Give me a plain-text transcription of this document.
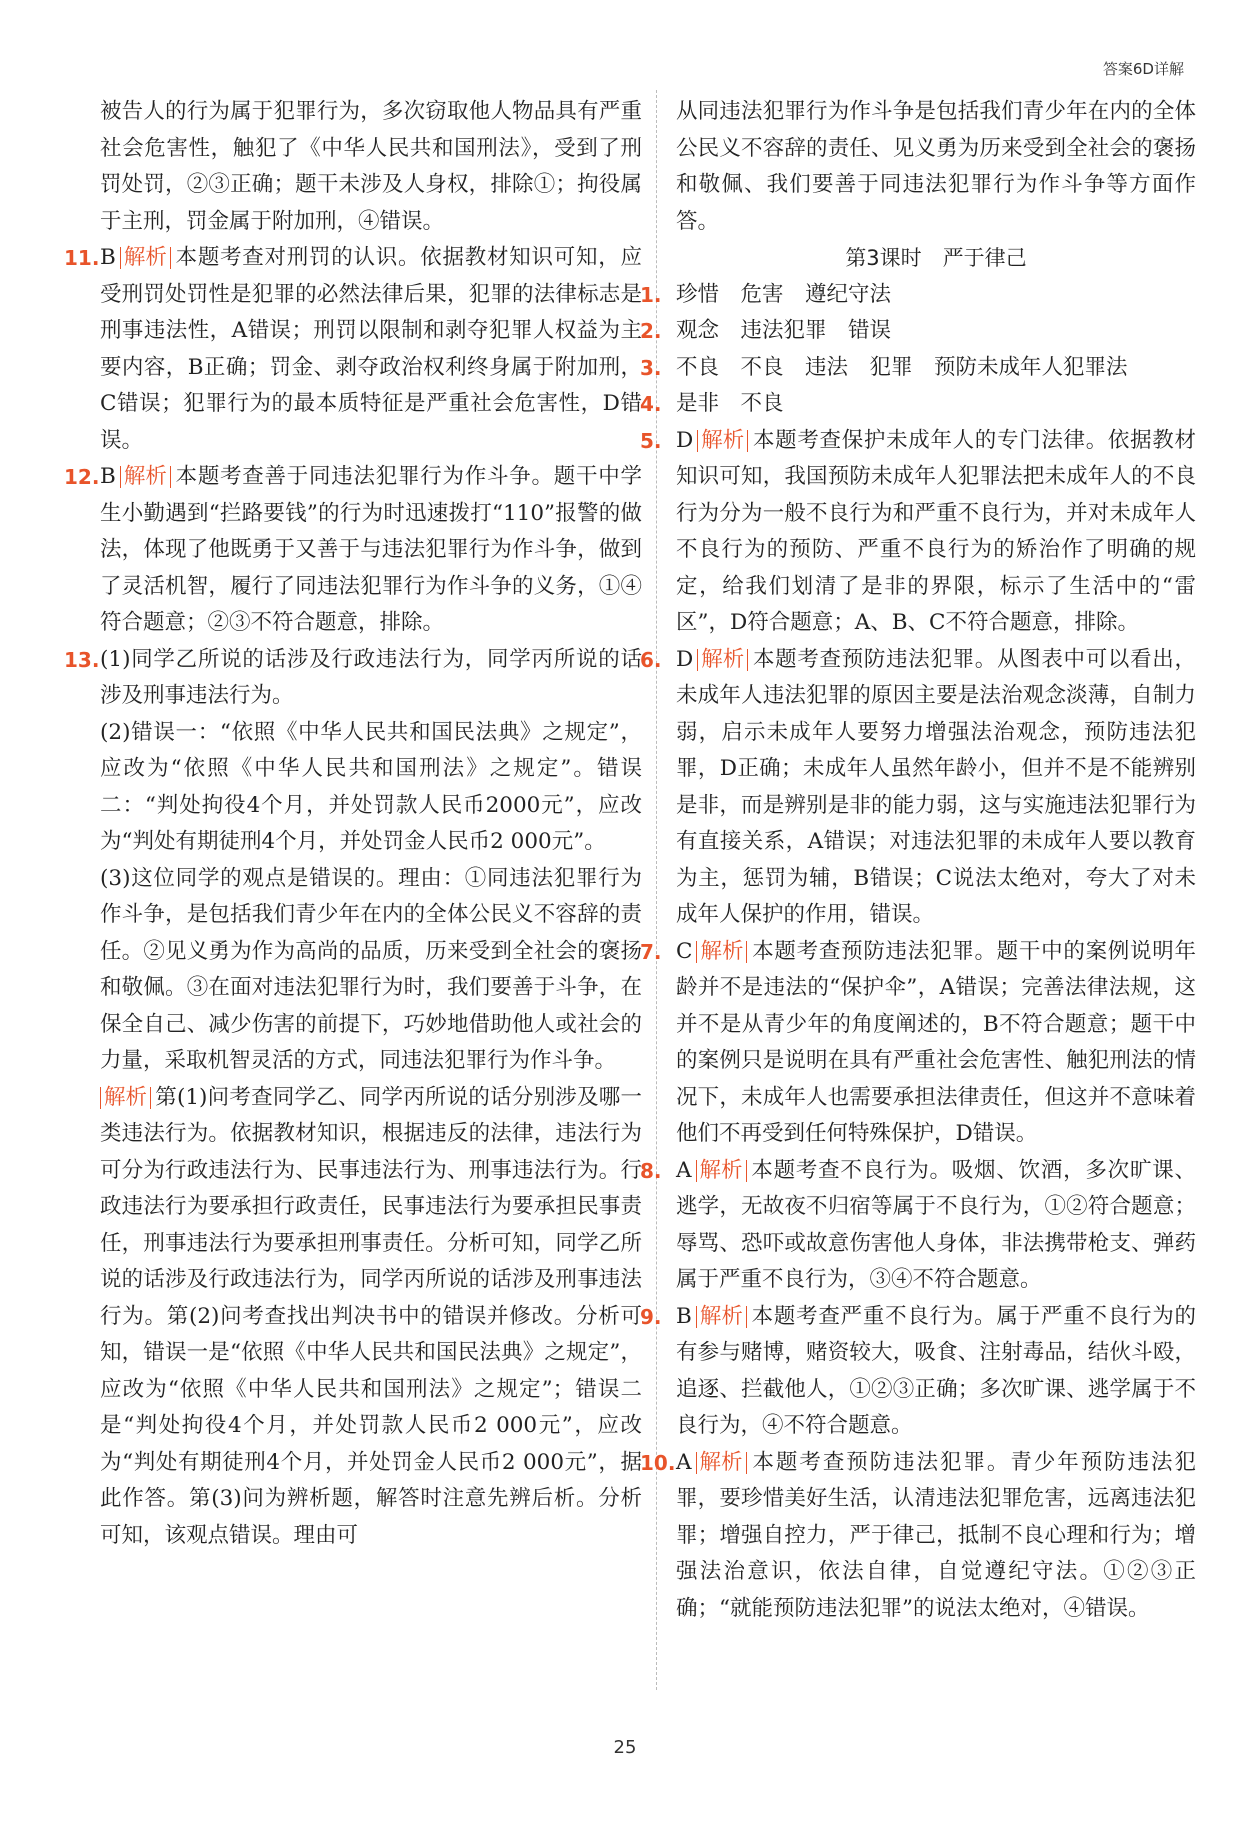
答案6D详解

被告人的行为属于犯罪行为，多次窃取他人物品具有严重社会危害性，触犯了《中华人民共和国刑法》，受到了刑罚处罚，②③正确；题干未涉及人身权，排除①；拘役属于主刑，罚金属于附加刑，④错误。

11. B 解析 本题考查对刑罚的认识。依据教材知识可知，应受刑罚处罚性是犯罪的必然法律后果，犯罪的法律标志是刑事违法性，A错误；刑罚以限制和剥夺犯罪人权益为主要内容，B正确；罚金、剥夺政治权利终身属于附加刑，C错误；犯罪行为的最本质特征是严重社会危害性，D错误。

12. B 解析 本题考查善于同违法犯罪行为作斗争。题干中学生小勤遇到“拦路要钱”的行为时迅速拨打“110”报警的做法，体现了他既勇于又善于与违法犯罪行为作斗争，做到了灵活机智，履行了同违法犯罪行为作斗争的义务，①④符合题意；②③不符合题意，排除。

13. (1)同学乙所说的话涉及行政违法行为，同学丙所说的话涉及刑事违法行为。

(2)错误一：“依照《中华人民共和国民法典》之规定”，应改为“依照《中华人民共和国刑法》之规定”。错误二：“判处拘役4个月，并处罚款人民币2000元”，应改为“判处有期徒刑4个月，并处罚金人民币2 000元”。

(3)这位同学的观点是错误的。理由：①同违法犯罪行为作斗争，是包括我们青少年在内的全体公民义不容辞的责任。②见义勇为作为高尚的品质，历来受到全社会的褒扬和敬佩。③在面对违法犯罪行为时，我们要善于斗争，在保全自己、减少伤害的前提下，巧妙地借助他人或社会的力量，采取机智灵活的方式，同违法犯罪行为作斗争。

解析 第(1)问考查同学乙、同学丙所说的话分别涉及哪一类违法行为。依据教材知识，根据违反的法律，违法行为可分为行政违法行为、民事违法行为、刑事违法行为。行政违法行为要承担行政责任，民事违法行为要承担民事责任，刑事违法行为要承担刑事责任。分析可知，同学乙所说的话涉及行政违法行为，同学丙所说的话涉及刑事违法行为。第(2)问考查找出判决书中的错误并修改。分析可知，错误一是“依照《中华人民共和国民法典》之规定”，应改为“依照《中华人民共和国刑法》之规定”；错误二是“判处拘役4个月，并处罚款人民币2 000元”，应改为“判处有期徒刑4个月，并处罚金人民币2 000元”，据此作答。第(3)问为辨析题，解答时注意先辨后析。分析可知，该观点错误。理由可

从同违法犯罪行为作斗争是包括我们青少年在内的全体公民义不容辞的责任、见义勇为历来受到全社会的褒扬和敬佩、我们要善于同违法犯罪行为作斗争等方面作答。

第3课时　严于律己

1. 珍惜　危害　遵纪守法

2. 观念　违法犯罪　错误

3. 不良　不良　违法　犯罪　预防未成年人犯罪法

4. 是非　不良

5. D 解析 本题考查保护未成年人的专门法律。依据教材知识可知，我国预防未成年人犯罪法把未成年人的不良行为分为一般不良行为和严重不良行为，并对未成年人不良行为的预防、严重不良行为的矫治作了明确的规定，给我们划清了是非的界限，标示了生活中的“雷区”，D符合题意；A、B、C不符合题意，排除。

6. D 解析 本题考查预防违法犯罪。从图表中可以看出，未成年人违法犯罪的原因主要是法治观念淡薄，自制力弱，启示未成年人要努力增强法治观念，预防违法犯罪，D正确；未成年人虽然年龄小，但并不是不能辨别是非，而是辨别是非的能力弱，这与实施违法犯罪行为有直接关系，A错误；对违法犯罪的未成年人要以教育为主，惩罚为辅，B错误；C说法太绝对，夸大了对未成年人保护的作用，错误。

7. C 解析 本题考查预防违法犯罪。题干中的案例说明年龄并不是违法的“保护伞”，A错误；完善法律法规，这并不是从青少年的角度阐述的，B不符合题意；题干中的案例只是说明在具有严重社会危害性、触犯刑法的情况下，未成年人也需要承担法律责任，但这并不意味着他们不再受到任何特殊保护，D错误。

8. A 解析 本题考查不良行为。吸烟、饮酒，多次旷课、逃学，无故夜不归宿等属于不良行为，①②符合题意；辱骂、恐吓或故意伤害他人身体，非法携带枪支、弹药属于严重不良行为，③④不符合题意。

9. B 解析 本题考查严重不良行为。属于严重不良行为的有参与赌博，赌资较大，吸食、注射毒品，结伙斗殴，追逐、拦截他人，①②③正确；多次旷课、逃学属于不良行为，④不符合题意。

10. A 解析 本题考查预防违法犯罪。青少年预防违法犯罪，要珍惜美好生活，认清违法犯罪危害，远离违法犯罪；增强自控力，严于律己，抵制不良心理和行为；增强法治意识，依法自律，自觉遵纪守法。①②③正确；“就能预防违法犯罪”的说法太绝对，④错误。

25
